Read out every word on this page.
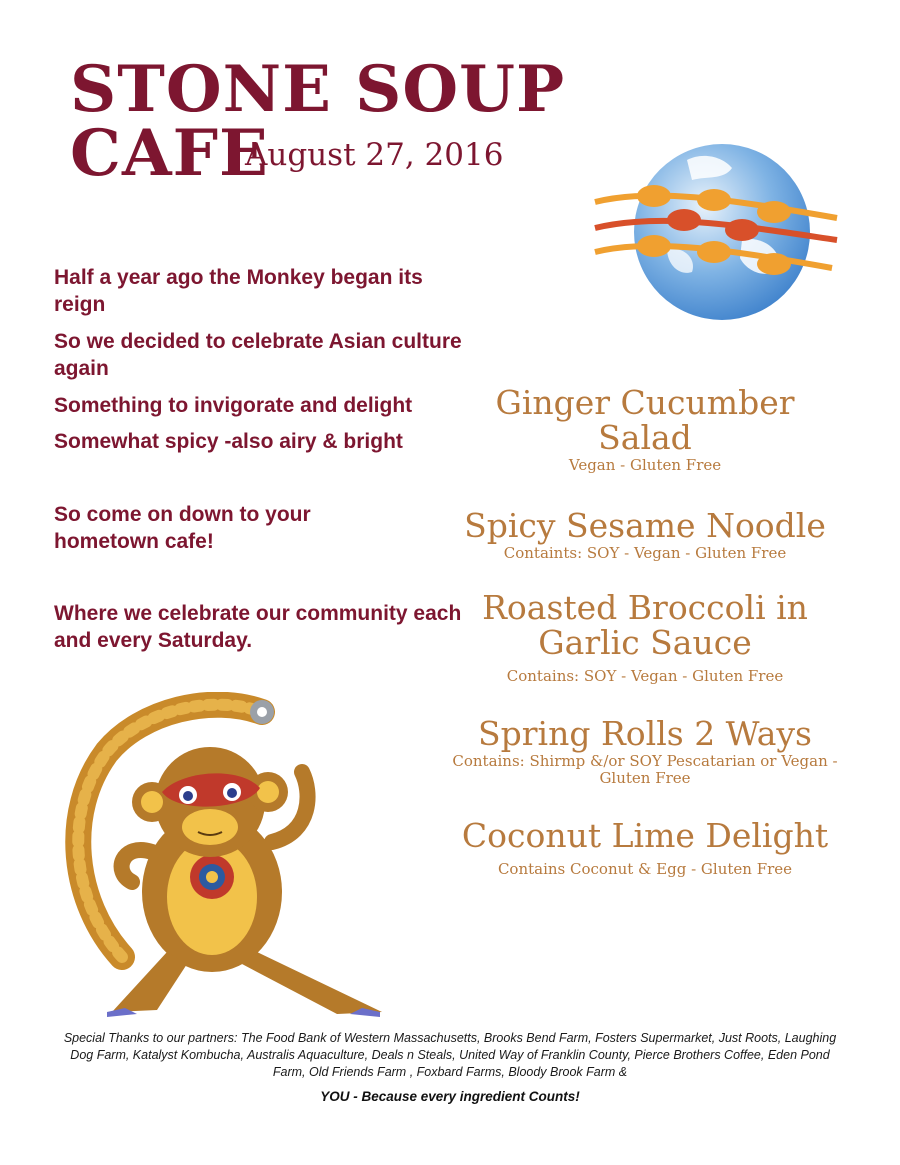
STONE SOUP CAFE
August 27, 2016

Half a year ago the Monkey began its reign

So we decided to celebrate Asian culture again

Something to invigorate and delight

Somewhat spicy -also airy & bright

So come on down to your hometown cafe!

Where we celebrate our community each and every Saturday.

Ginger Cucumber Salad
Vegan - Gluten Free
Spicy Sesame Noodle
Containts: SOY - Vegan - Gluten Free
Roasted Broccoli in Garlic Sauce
Contains: SOY - Vegan - Gluten Free
Spring Rolls 2 Ways
Contains: Shirmp &/or SOY Pescatarian or Vegan - Gluten Free
Coconut Lime Delight
Contains Coconut & Egg - Gluten Free
Special Thanks to our partners: The Food Bank of Western Massachusetts, Brooks Bend Farm, Fosters Supermarket, Just Roots, Laughing Dog Farm, Katalyst Kombucha, Australis Aquaculture, Deals n Steals, United Way of Franklin County, Pierce Brothers Coffee, Eden Pond Farm, Old Friends Farm , Foxbard Farms, Bloody Brook Farm &
YOU - Because every ingredient Counts!
